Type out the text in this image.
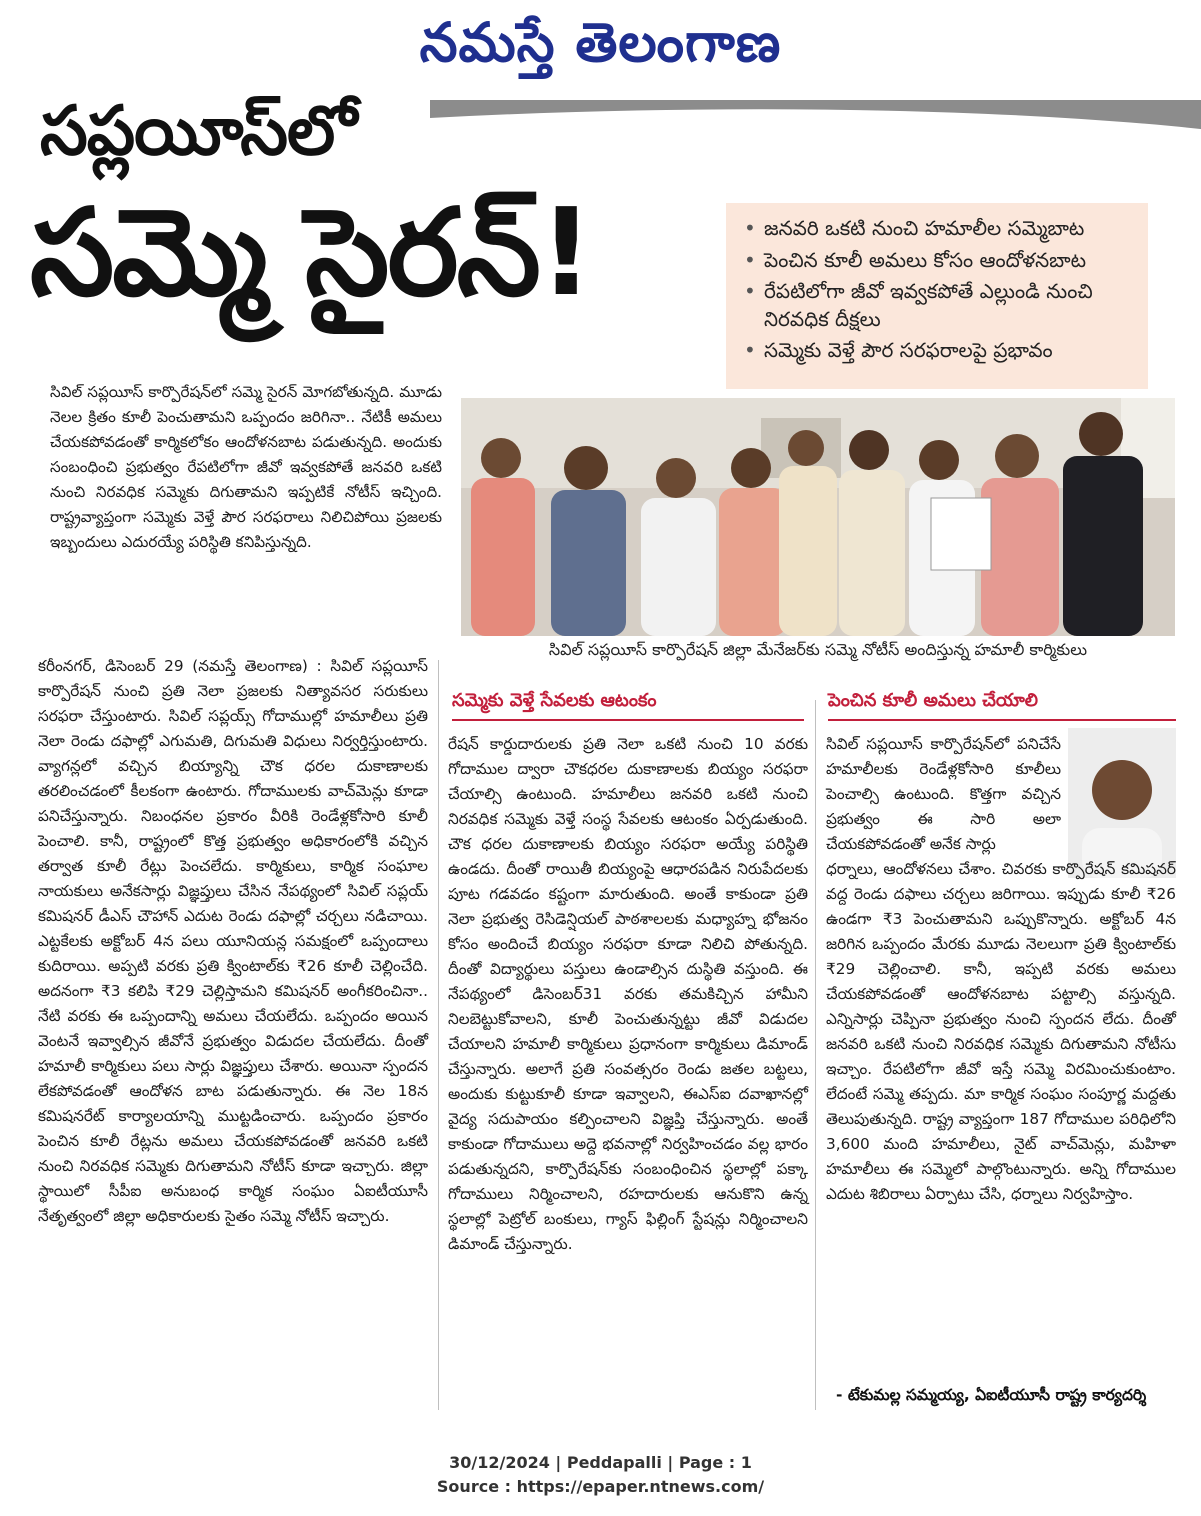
నమస్తే తెలంగాణ
సప్లయీస్‌లో
సమ్మె సైరన్‌!
•	జనవరి ఒకటి నుంచి హమాలీల సమ్మెబాట
• పెంచిన కూలీ అమలు కోసం ఆందోళనబాట
• రేపటిలోగా జీవో ఇవ్వకపోతే ఎల్లుండి నుంచి నిరవధిక దీక్షలు
• సమ్మెకు వెళ్తే పౌర సరఫరాలపై ప్రభావం

సివిల్‌ సప్లయీస్‌ కార్పొరేషన్‌లో సమ్మె సైరన్‌ మోగబోతున్నది. మూడు నెలల క్రితం కూలీ పెంచుతామని ఒప్పందం జరిగినా.. నేటికీ అమలు చేయకపోవడంతో కార్మికలోకం ఆందోళనబాట పడుతున్నది. అందుకు సంబంధించి ప్రభుత్వం రేపటిలోగా జీవో ఇవ్వకపోతే జనవరి ఒకటి నుంచి నిరవధిక సమ్మెకు దిగుతామని ఇప్పటికే నోటీస్‌ ఇచ్చింది. రాష్ట్రవ్యాప్తంగా సమ్మెకు వెళ్తే పౌర సరఫరాలు నిలిచిపోయి ప్రజలకు ఇబ్బందులు ఎదురయ్యే పరిస్థితి కనిపిస్తున్నది.

సివిల్‌ సప్లయీస్‌ కార్పొరేషన్‌ జిల్లా మేనేజర్‌కు సమ్మె నోటీస్‌ అందిస్తున్న హమాలీ కార్మికులు

కరీంనగర్‌, డిసెంబర్‌ 29 (నమస్తే తెలంగాణ) : సివిల్‌ సప్లయీస్‌ కార్పొరేషన్‌ నుంచి ప్రతి నెలా ప్రజలకు నిత్యావసర సరుకులు సరఫరా చేస్తుంటారు. సివిల్‌ సప్లయ్స్‌ గోదాముల్లో హమాలీలు ప్రతి నెలా రెండు దఫాల్లో ఎగుమతి, దిగుమతి విధులు నిర్వర్తిస్తుంటారు. వ్యాగన్లలో వచ్చిన బియ్యాన్ని చౌక ధరల దుకాణాలకు తరలించడంలో కీలకంగా ఉంటారు. గోదాములకు వాచ్‌మెన్లు కూడా పనిచేస్తున్నారు. నిబంధనల ప్రకారం వీరికి రెండేళ్లకోసారి కూలీ పెంచాలి. కానీ, రాష్ట్రంలో కొత్త ప్రభుత్వం అధికారంలోకి వచ్చిన తర్వాత కూలీ రేట్లు పెంచలేదు. కార్మికులు, కార్మిక సంఘాల నాయకులు అనేకసార్లు విజ్ఞప్తులు చేసిన నేపథ్యంలో సివిల్‌ సప్లయ్‌ కమిషనర్‌ డీఎస్‌ చౌహాన్‌ ఎదుట రెండు దఫాల్లో చర్చలు నడిచాయి. ఎట్టకేలకు అక్టోబర్‌ 4న పలు యూనియన్ల సమక్షంలో ఒప్పందాలు కుదిరాయి. అప్పటి వరకు ప్రతి క్వింటాల్‌కు ₹26 కూలీ చెల్లించేది. అదనంగా ₹3 కలిపి ₹29 చెల్లిస్తామని కమిషనర్‌ అంగీకరించినా.. నేటి వరకు ఈ ఒప్పందాన్ని అమలు చేయలేదు. ఒప్పందం అయిన వెంటనే ఇవ్వాల్సిన జీవోనే ప్రభుత్వం విడుదల చేయలేదు. దీంతో హమాలీ కార్మికులు పలు సార్లు విజ్ఞప్తులు చేశారు. అయినా స్పందన లేకపోవడంతో ఆందోళన బాట పడుతున్నారు. ఈ నెల 18న కమిషనరేట్‌ కార్యాలయాన్ని ముట్టడించారు. ఒప్పందం ప్రకారం పెంచిన కూలీ రేట్లను అమలు చేయకపోవడంతో జనవరి ఒకటి నుంచి నిరవధిక సమ్మెకు దిగుతామని నోటీస్‌ కూడా ఇచ్చారు. జిల్లా స్థాయిలో సీపీఐ అనుబంధ కార్మిక సంఘం ఏఐటీయూసీ నేతృత్వంలో జిల్లా అధికారులకు సైతం సమ్మె నోటీస్‌ ఇచ్చారు.

సమ్మెకు వెళ్తే సేవలకు ఆటంకం

రేషన్‌ కార్డుదారులకు ప్రతి నెలా ఒకటి నుంచి 10 వరకు గోదాముల ద్వారా చౌకధరల దుకాణాలకు బియ్యం సరఫరా చేయాల్సి ఉంటుంది. హమాలీలు జనవరి ఒకటి నుంచి నిరవధిక సమ్మెకు వెళ్తే సంస్థ సేవలకు ఆటంకం ఏర్పడుతుంది. చౌక ధరల దుకాణాలకు బియ్యం సరఫరా అయ్యే పరిస్థితి ఉండదు. దీంతో రాయితీ బియ్యంపై ఆధారపడిన నిరుపేదలకు పూట గడవడం కష్టంగా మారుతుంది. అంతే కాకుండా ప్రతి నెలా ప్రభుత్వ రెసిడెన్షియల్‌ పాఠశాలలకు మధ్యాహ్న భోజనం కోసం అందించే బియ్యం సరఫరా కూడా నిలిచి పోతున్నది. దీంతో విద్యార్థులు పస్తులు ఉండాల్సిన దుస్థితి వస్తుంది. ఈ నేపథ్యంలో డిసెంబర్‌31 వరకు తమకిచ్చిన హామీని నిలబెట్టుకోవాలని, కూలీ పెంచుతున్నట్టు జీవో విడుదల చేయాలని హమాలీ కార్మికులు ప్రధానంగా కార్మికులు డిమాండ్‌ చేస్తున్నారు. అలాగే ప్రతి సంవత్సరం రెండు జతల బట్టలు, అందుకు కుట్టుకూలీ కూడా ఇవ్వాలని, ఈఎస్‌ఐ దవాఖానల్లో వైద్య సదుపాయం కల్పించాలని విజ్ఞప్తి చేస్తున్నారు. అంతే కాకుండా గోదాములు అద్దె భవనాల్లో నిర్వహించడం వల్ల భారం పడుతున్నదని, కార్పొరేషన్‌కు సంబంధించిన స్థలాల్లో పక్కా గోదాములు నిర్మించాలని, రహదారులకు ఆనుకొని ఉన్న స్థలాల్లో పెట్రోల్‌ బంకులు, గ్యాస్‌ ఫిల్లింగ్‌ స్టేషన్లు నిర్మించాలని డిమాండ్‌ చేస్తున్నారు.

పెంచిన కూలీ అమలు చేయాలి

సివిల్‌ సప్లయీస్‌ కార్పొరేషన్‌లో పనిచేసే హమాలీలకు రెండేళ్లకోసారి కూలీలు పెంచాల్సి ఉంటుంది. కొత్తగా వచ్చిన ప్రభుత్వం ఈ సారి అలా చేయకపోవడంతో అనేక సార్లు

ధర్నాలు, ఆందోళనలు చేశాం. చివరకు కార్పొరేషన్‌ కమిషనర్‌ వద్ద రెండు దఫాలు చర్చలు జరిగాయి. ఇప్పుడు కూలీ ₹26 ఉండగా ₹3 పెంచుతామని ఒప్పుకొన్నారు. అక్టోబర్‌ 4న జరిగిన ఒప్పందం మేరకు మూడు నెలలుగా ప్రతి క్వింటాల్‌కు ₹29 చెల్లించాలి. కానీ, ఇప్పటి వరకు అమలు చేయకపోవడంతో ఆందోళనబాట పట్టాల్సి వస్తున్నది. ఎన్నిసార్లు చెప్పినా ప్రభుత్వం నుంచి స్పందన లేదు. దీంతో జనవరి ఒకటి నుంచి నిరవధిక సమ్మెకు దిగుతామని నోటీసు ఇచ్చాం. రేపటిలోగా జీవో ఇస్తే సమ్మె విరమించుకుంటాం. లేదంటే సమ్మె తప్పదు. మా కార్మిక సంఘం సంపూర్ణ మద్దతు తెలుపుతున్నది. రాష్ట్ర వ్యాప్తంగా 187 గోదాముల పరిధిలోని 3,600 మంది హమాలీలు, నైట్‌ వాచ్‌మెన్లు, మహిళా హమాలీలు ఈ సమ్మెలో పాల్గొంటున్నారు. అన్ని గోదాముల ఎదుట శిబిరాలు ఏర్పాటు చేసి, ధర్నాలు నిర్వహిస్తాం.

- టేకుమల్ల సమ్మయ్య, ఏఐటీయూసీ రాష్ట్ర కార్యదర్శి
30/12/2024 | Peddapalli | Page : 1
Source : https://epaper.ntnews.com/
